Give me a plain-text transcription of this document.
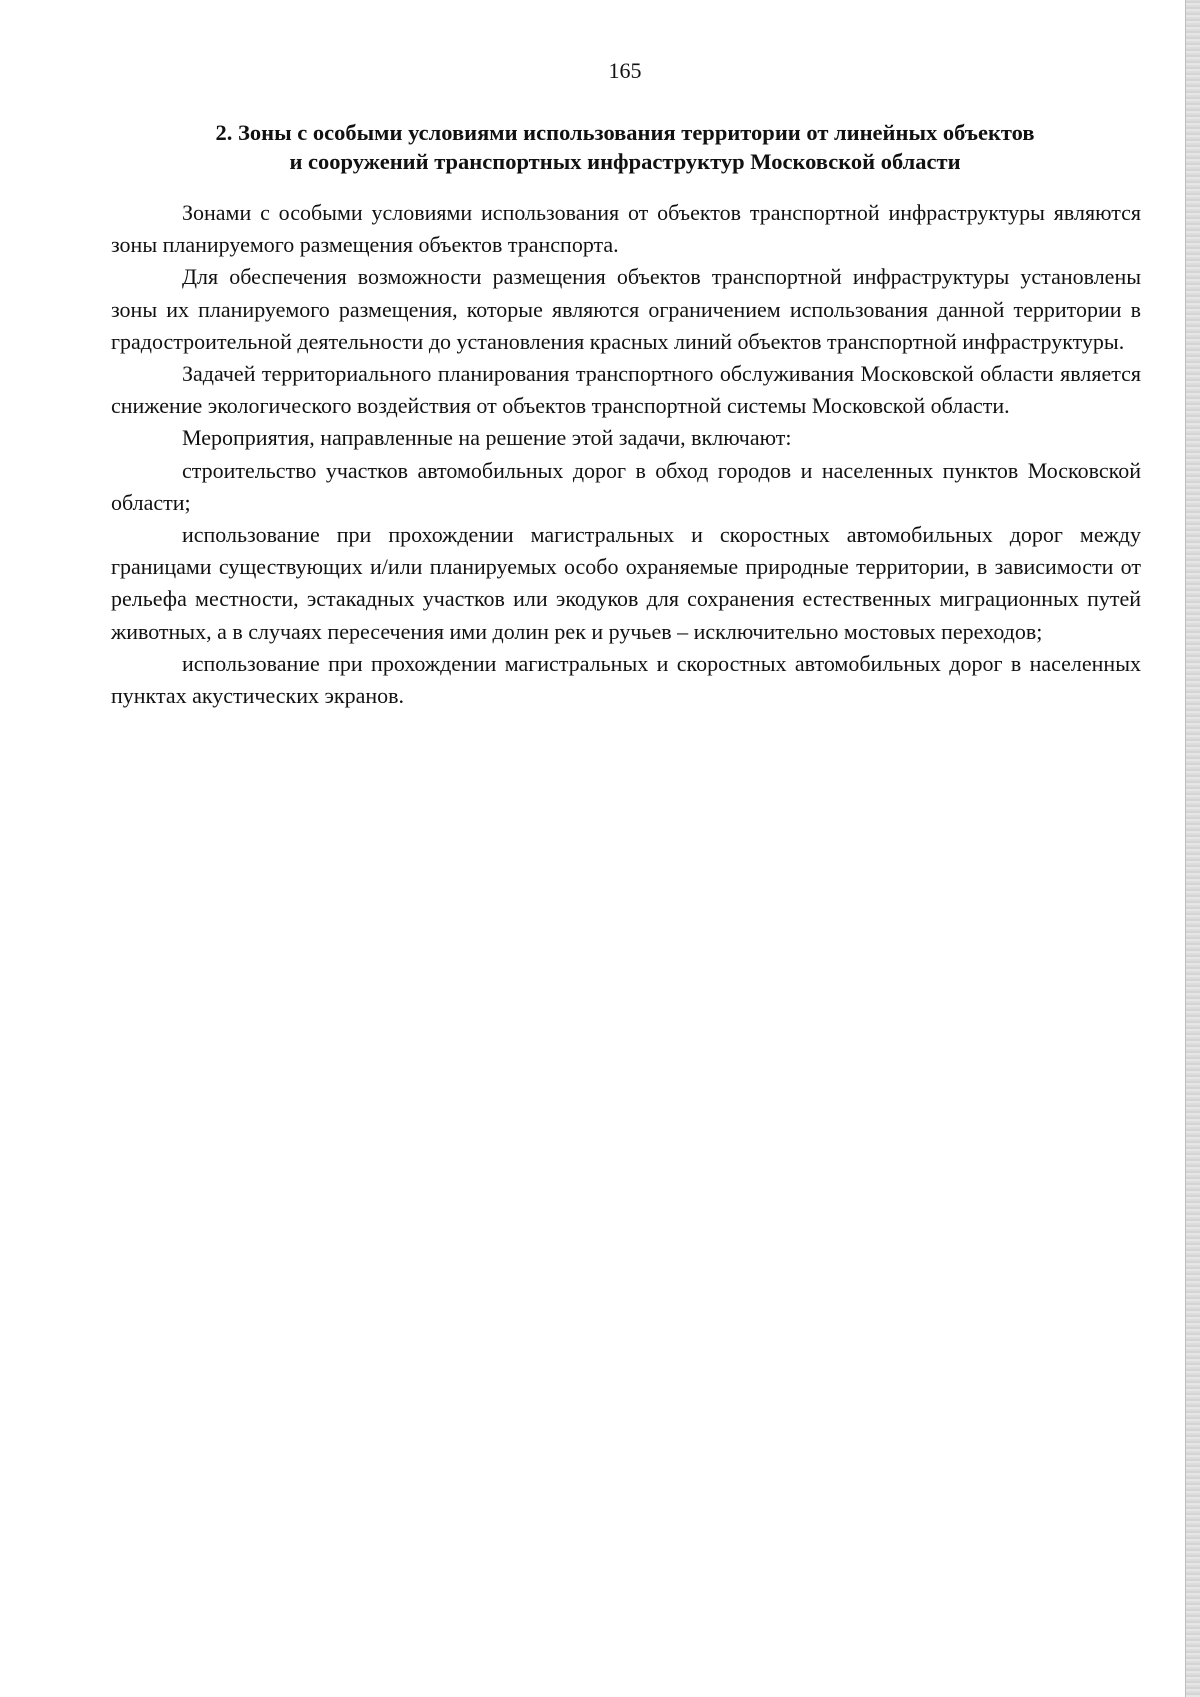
165
2. Зоны с особыми условиями использования территории от линейных объектов
и сооружений транспортных инфраструктур Московской области

Зонами с особыми условиями использования от объектов транспортной инфраструктуры являются зоны планируемого размещения объектов транспорта.

Для обеспечения возможности размещения объектов транспортной инфраструктуры установлены зоны их планируемого размещения, которые являются ограничением использования данной территории в градостроительной деятельности до установления красных линий объектов транспортной инфраструктуры.

Задачей территориального планирования транспортного обслуживания Московской области является снижение экологического воздействия от объектов транспортной системы Московской области.

Мероприятия, направленные на решение этой задачи, включают:

строительство участков автомобильных дорог в обход городов и населенных пунктов Московской области;

использование при прохождении магистральных и скоростных автомобильных дорог между границами существующих и/или планируемых особо охраняемые природные территории, в зависимости от рельефа местности, эстакадных участков или экодуков для сохранения естественных миграционных путей животных, а в случаях пересечения ими долин рек и ручьев – исключительно мостовых переходов;

использование при прохождении магистральных и скоростных автомобильных дорог в населенных пунктах акустических экранов.
